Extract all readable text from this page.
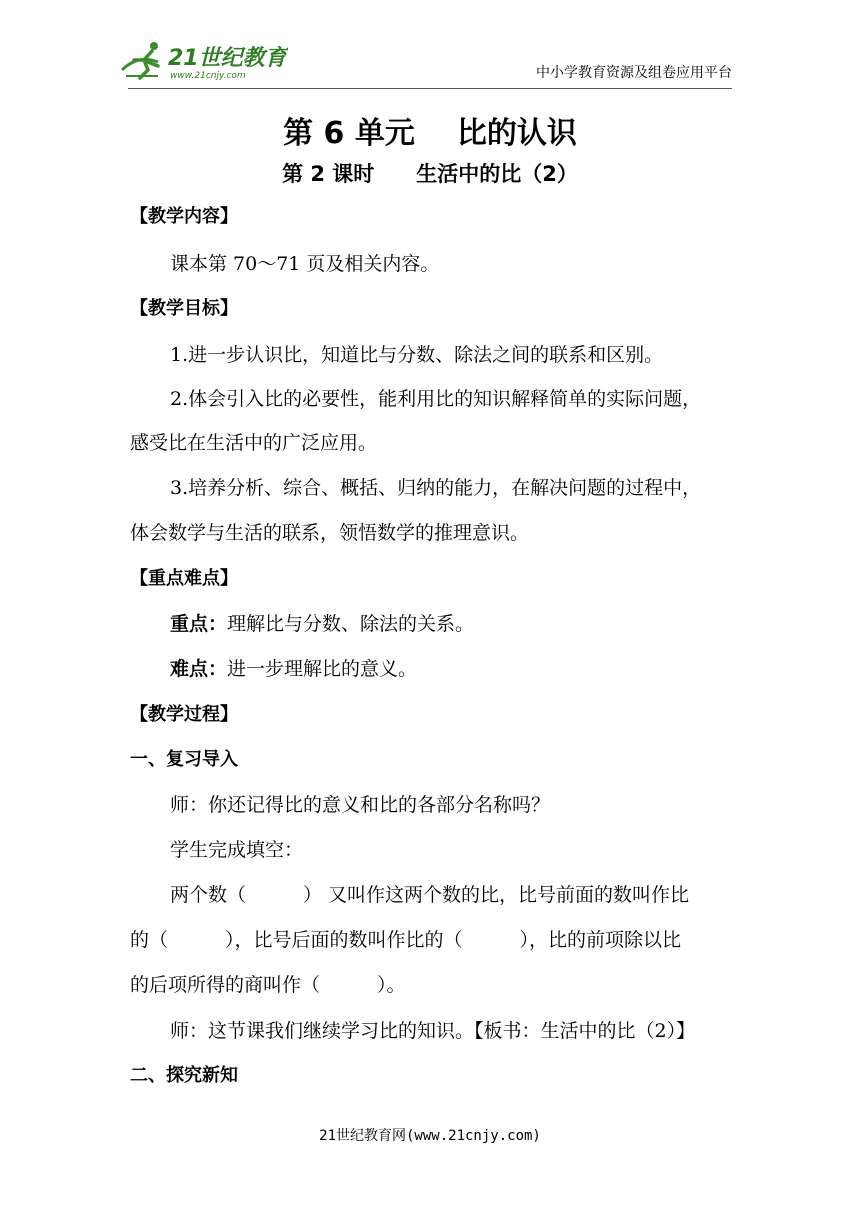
21世纪教育
www.21cnjy.com	中小学教育资源及组卷应用平台
第 6 单元 比的认识
第 2 课时 生活中的比（2）
【教学内容】
课本第 70～71 页及相关内容。
【教学目标】
1.进一步认识比，知道比与分数、除法之间的联系和区别。
2.体会引入比的必要性，能利用比的知识解释简单的实际问题，
感受比在生活中的广泛应用。
3.培养分析、综合、概括、归纳的能力，在解决问题的过程中，
体会数学与生活的联系，领悟数学的推理意识。
【重点难点】
重点：理解比与分数、除法的关系。
难点：进一步理解比的意义。
【教学过程】
一、复习导入
师：你还记得比的意义和比的各部分名称吗？
学生完成填空：
两个数（　　　） 又叫作这两个数的比，比号前面的数叫作比
的（　　　），比号后面的数叫作比的（　　　），比的前项除以比
的后项所得的商叫作（　　　）。
师：这节课我们继续学习比的知识。【板书：生活中的比（2）】
二、探究新知
21世纪教育网(www.21cnjy.com)
